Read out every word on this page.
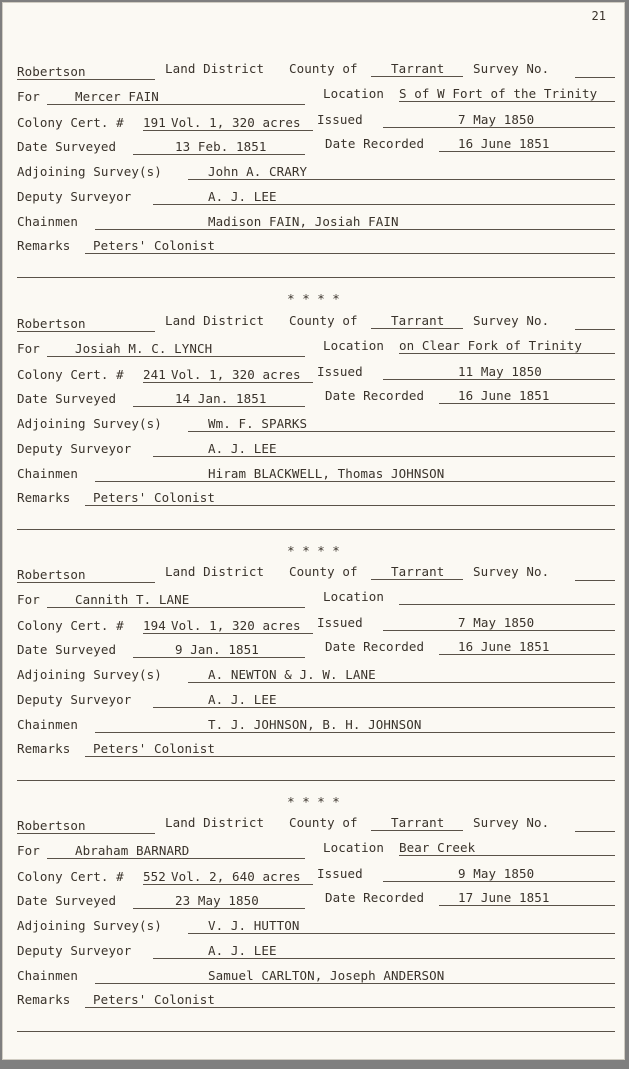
21
Robertson	Land District County of	Tarrant Survey No.
For	Mercer FAIN	Location S of W Fort of the Trinity
Colony Cert. # 191 Vol. 1, 320 acres Issued	7 May 1850
Date Surveyed	13 Feb. 1851	Date Recorded	16 June 1851
Adjoining Survey(s)	John A. CRARY
Deputy Surveyor	A. J. LEE
Chainmen	Madison FAIN, Josiah FAIN
Remarks Peters' Colonist
Robertson	Land District County of	Tarrant Survey No.
For	Josiah M. C. LYNCH	Location on Clear Fork of Trinity
Colony Cert. # 241 Vol. 1, 320 acres Issued	11 May 1850
Date Surveyed	14 Jan. 1851	Date Recorded	16 June 1851
Adjoining Survey(s)	Wm. F. SPARKS
Deputy Surveyor	A. J. LEE
Chainmen	Hiram BLACKWELL, Thomas JOHNSON
Remarks Peters' Colonist
Robertson	Land District County of	Tarrant Survey No.
For	Cannith T. LANE	Location
Colony Cert. # 194 Vol. 1, 320 acres Issued	7 May 1850
Date Surveyed	9 Jan. 1851	Date Recorded	16 June 1851
Adjoining Survey(s)	A. NEWTON & J. W. LANE
Deputy Surveyor	A. J. LEE
Chainmen	T. J. JOHNSON, B. H. JOHNSON
Remarks Peters' Colonist
Robertson	Land District County of	Tarrant Survey No.
For	Abraham BARNARD	Location Bear Creek
Colony Cert. # 552 Vol. 2, 640 acres Issued	9 May 1850
Date Surveyed	23 May 1850	Date Recorded	17 June 1851
Adjoining Survey(s)	V. J. HUTTON
Deputy Surveyor	A. J. LEE
Chainmen	Samuel CARLTON, Joseph ANDERSON
Remarks Peters' Colonist
* * * *
* * * *
* * * *
